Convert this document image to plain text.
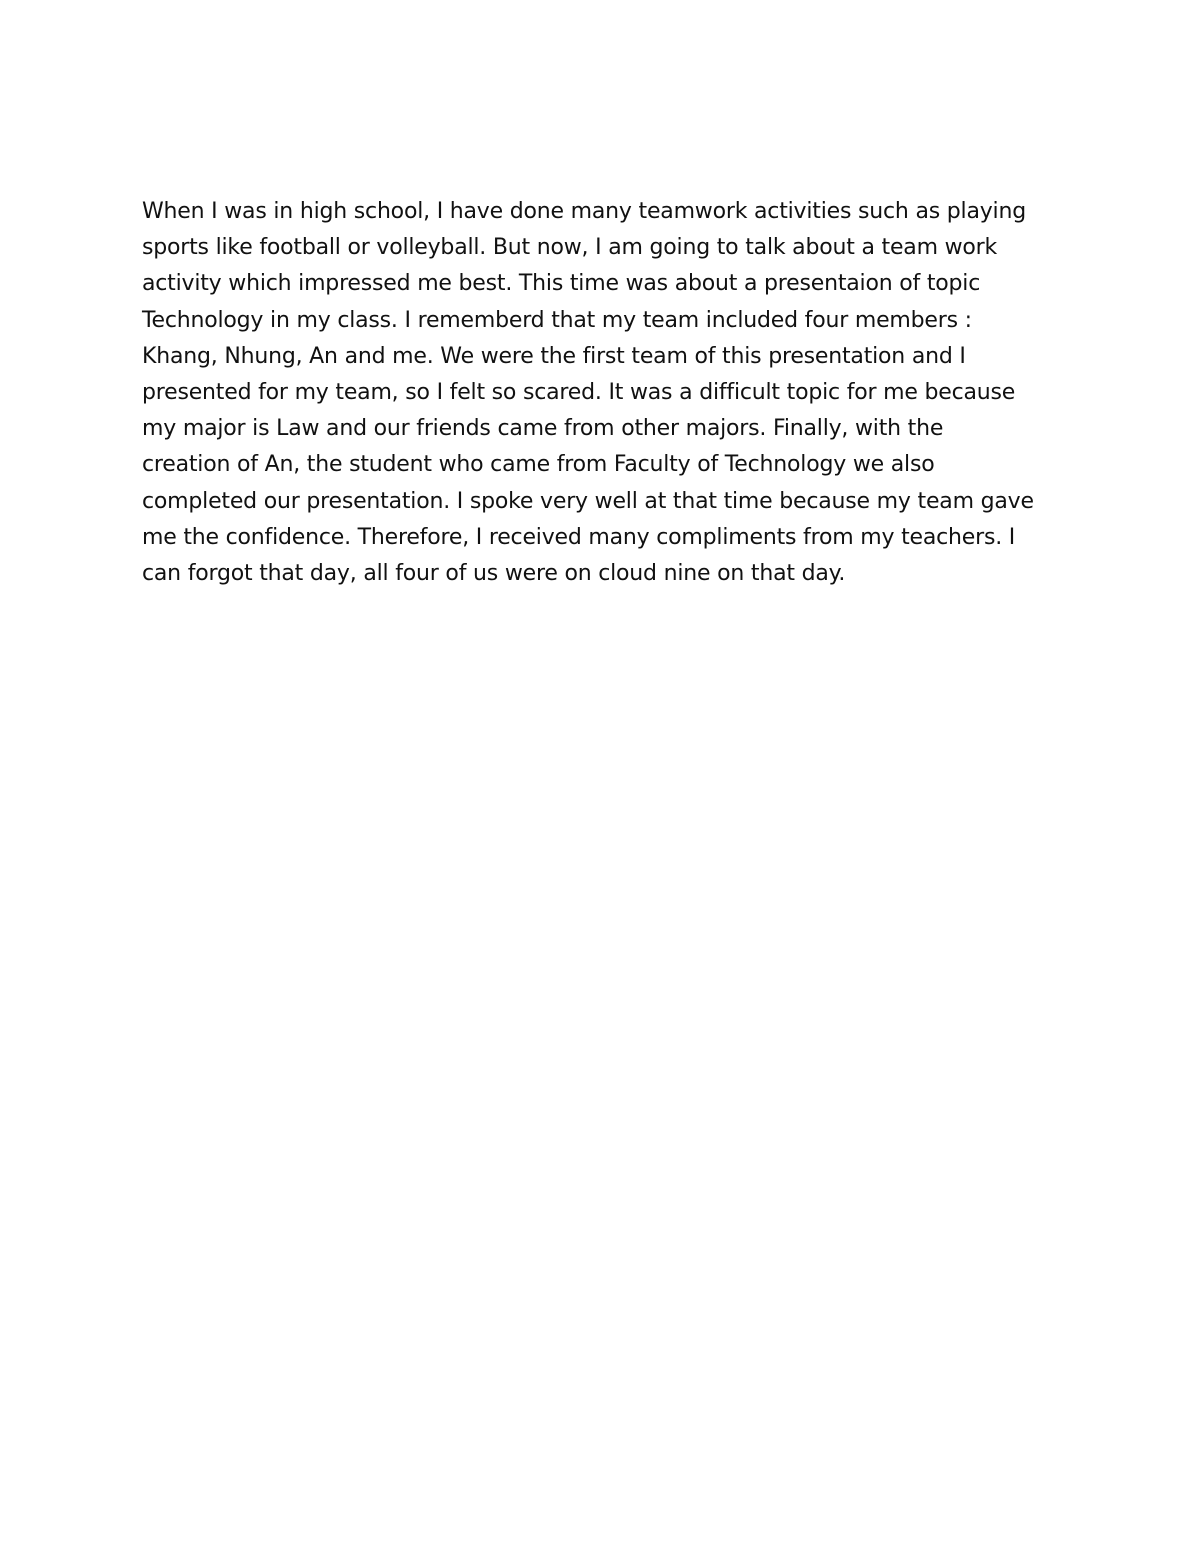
When I was in high school, I have done many teamwork activities such as playing
sports like football or volleyball. But now, I am going to talk about a team work
activity which impressed me best. This time was about a presentaion of topic
Technology in my class. I rememberd that my team included four members :
Khang, Nhung, An and me. We were the first team of this presentation and I
presented for my team, so I felt so scared. It was a difficult topic for me because
my major is Law and our friends came from other majors. Finally, with the
creation of An, the student who came from Faculty of Technology we also
completed our presentation. I spoke very well at that time because my team gave
me the confidence. Therefore, I received many compliments from my teachers. I
can forgot that day, all four of us were on cloud nine on that day.
